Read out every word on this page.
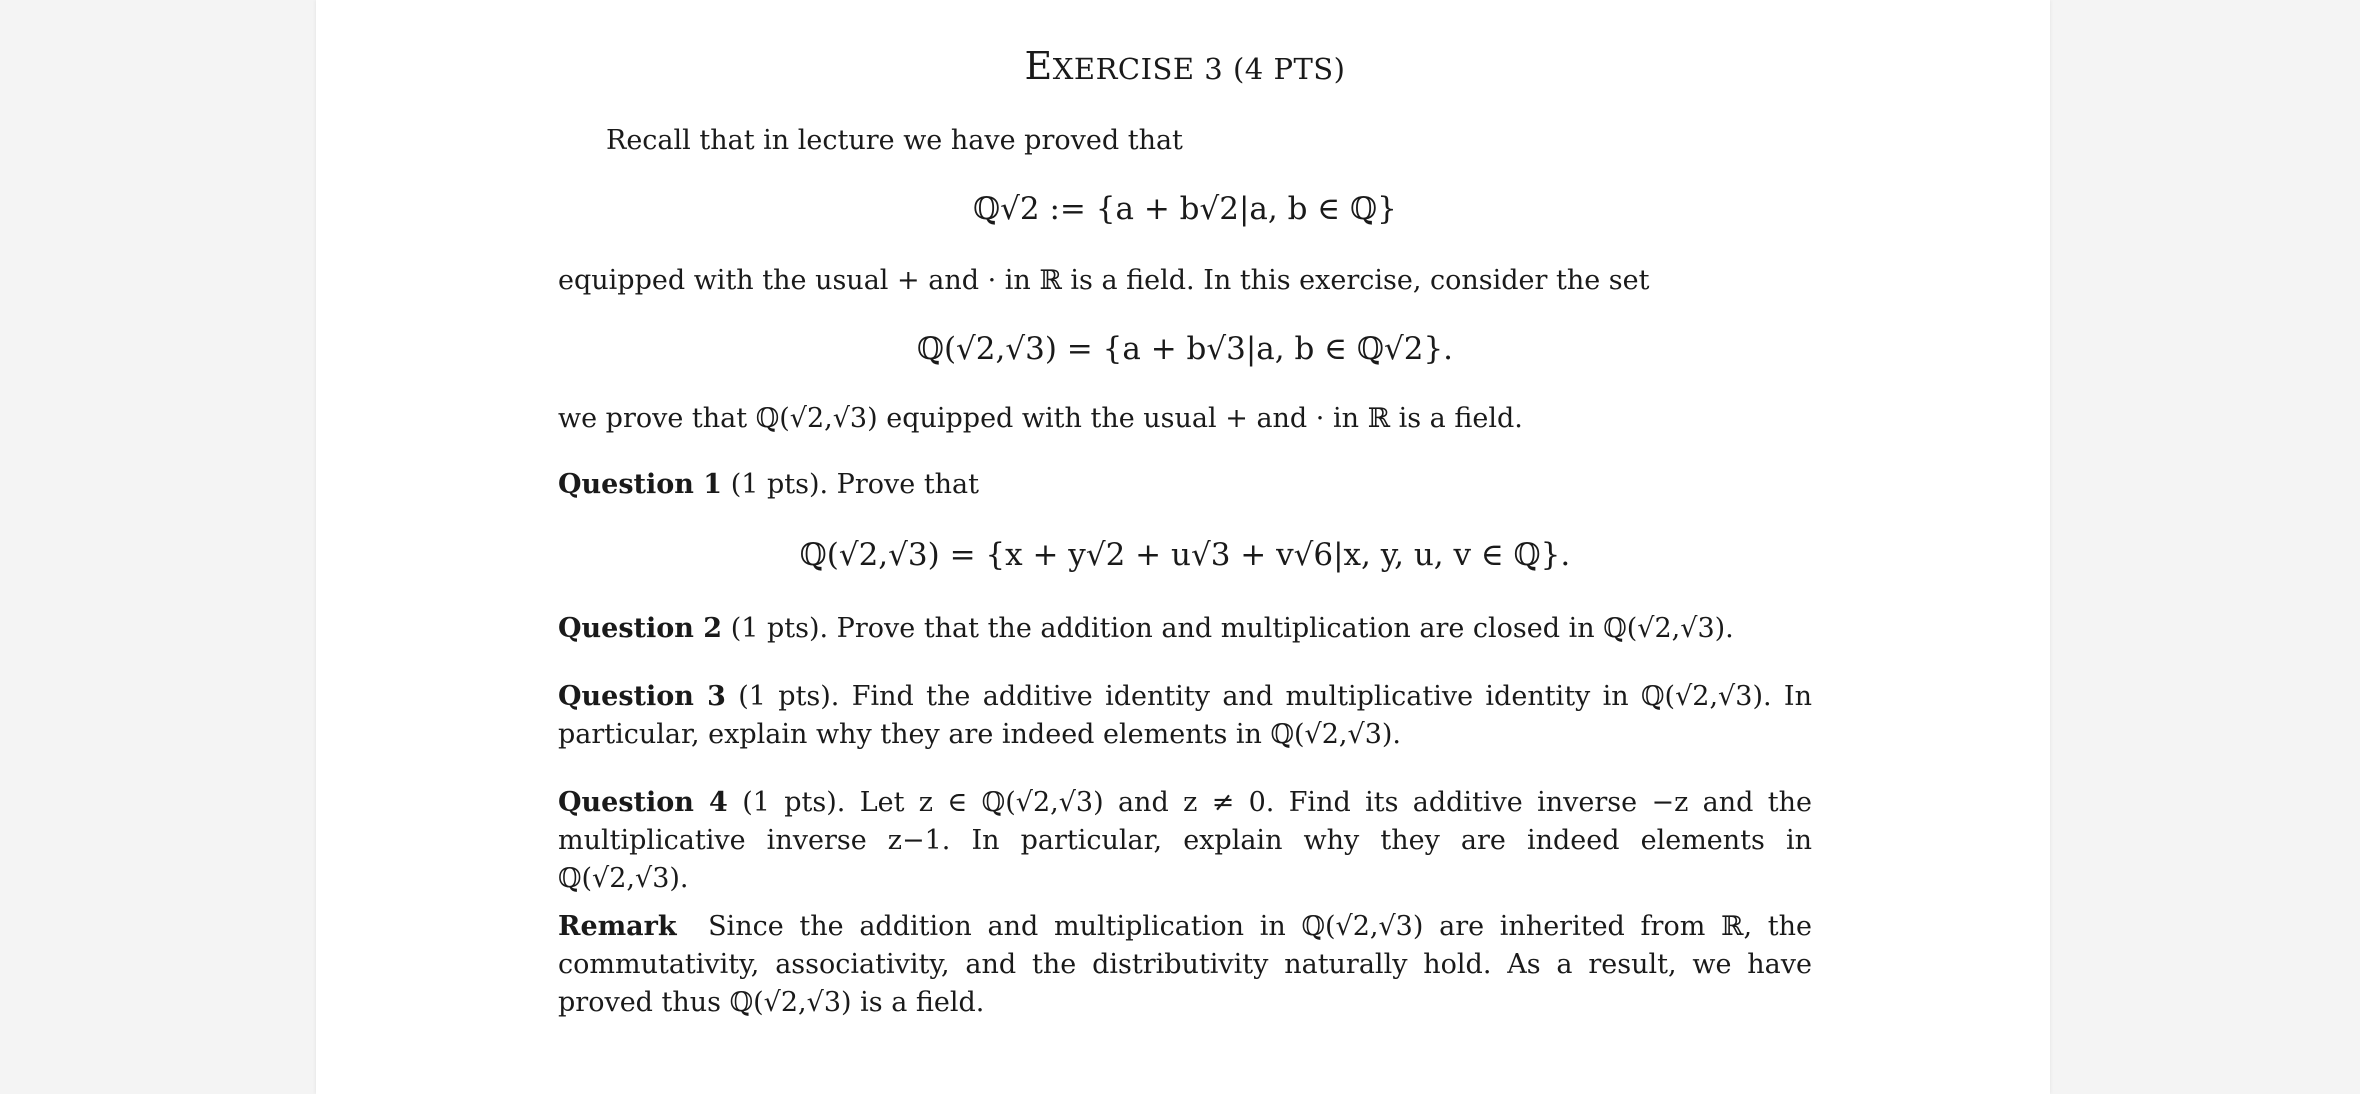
EXERCISE 3 (4 PTS)
Recall that in lecture we have proved that
ℚ√2 := {a + b√2|a, b ∈ ℚ}
equipped with the usual + and · in ℝ is a field. In this exercise, consider the set
ℚ(√2,√3) = {a + b√3|a, b ∈ ℚ√2}.
we prove that ℚ(√2,√3) equipped with the usual + and · in ℝ is a field.
Question 1 (1 pts). Prove that
ℚ(√2,√3) = {x + y√2 + u√3 + v√6|x, y, u, v ∈ ℚ}.
Question 2 (1 pts). Prove that the addition and multiplication are closed in ℚ(√2,√3).
Question 3 (1 pts). Find the additive identity and multiplicative identity in ℚ(√2,√3). In particular, explain why they are indeed elements in ℚ(√2,√3).
Question 4 (1 pts). Let z ∈ ℚ(√2,√3) and z ≠ 0. Find its additive inverse −z and the multiplicative inverse z−1. In particular, explain why they are indeed elements in ℚ(√2,√3).
Remark Since the addition and multiplication in ℚ(√2,√3) are inherited from ℝ, the commutativity, associativity, and the distributivity naturally hold. As a result, we have proved thus ℚ(√2,√3) is a field.
